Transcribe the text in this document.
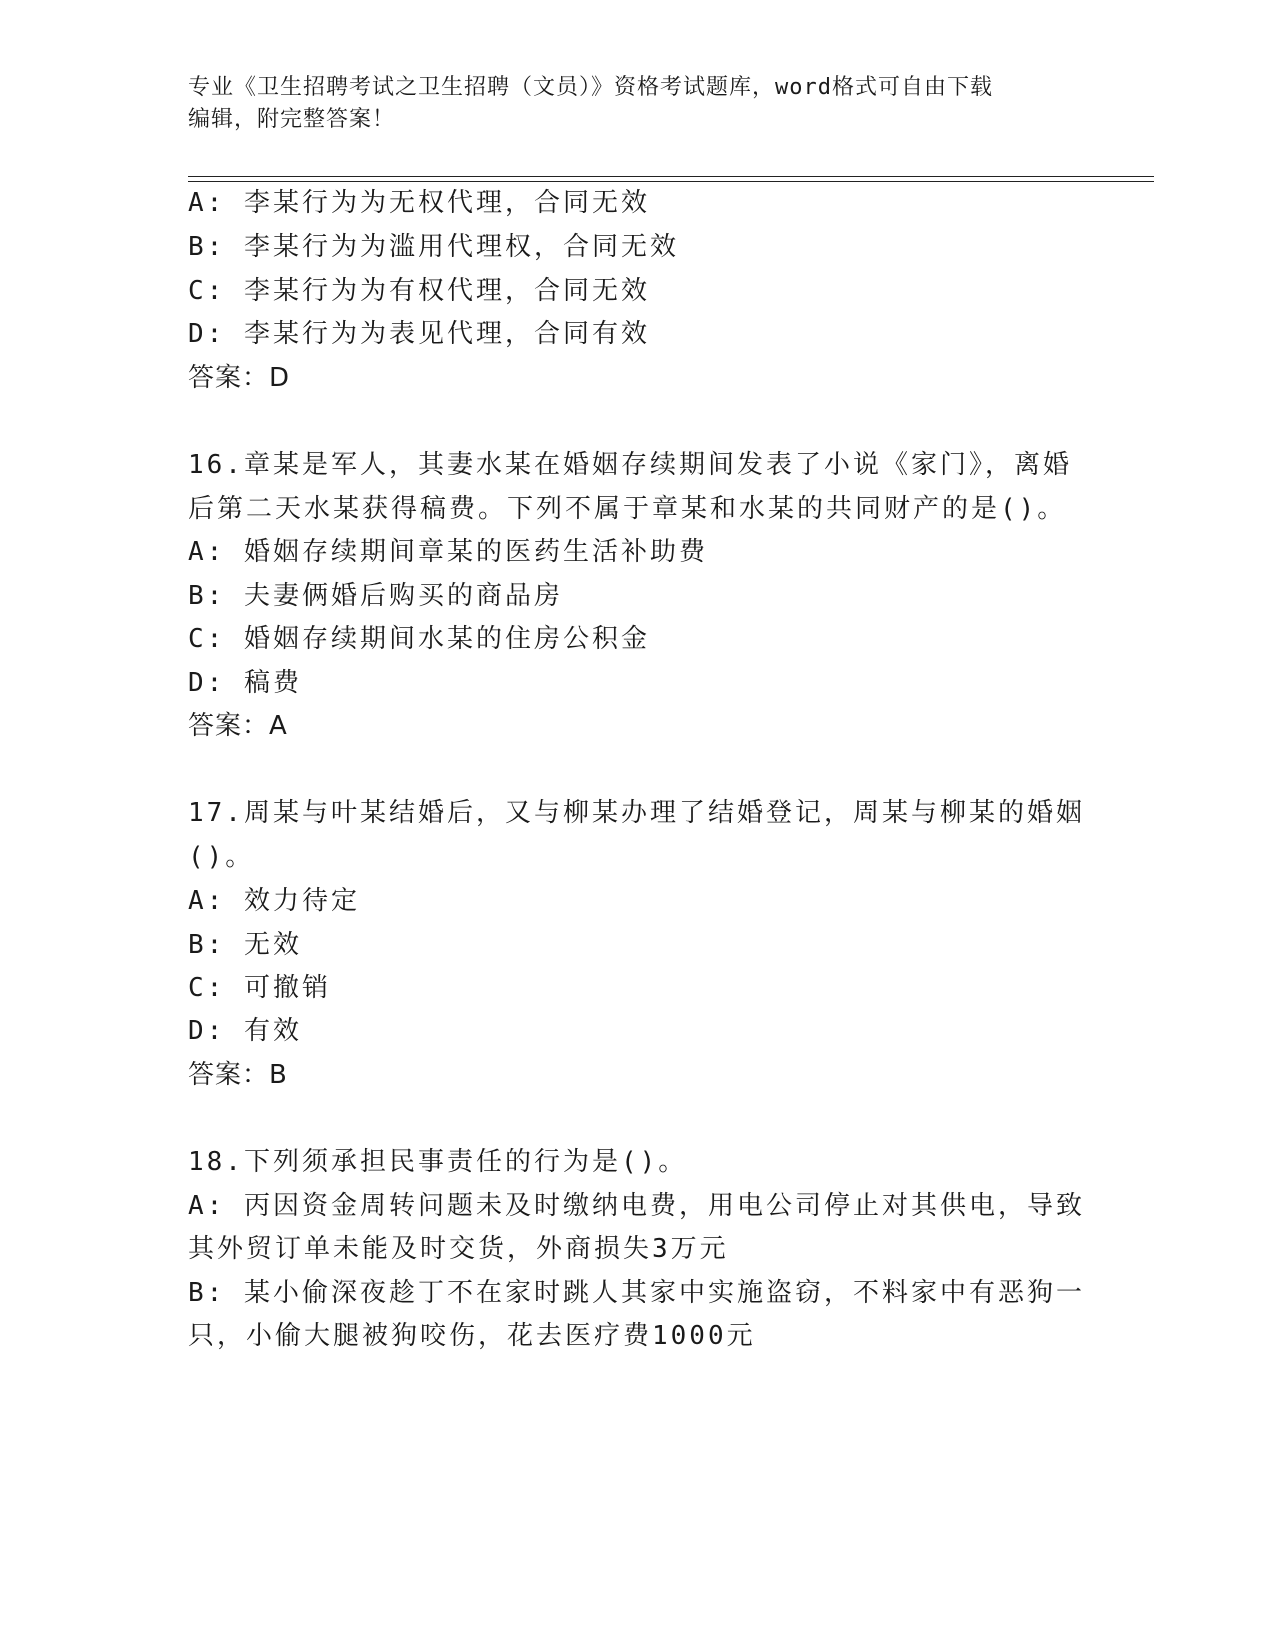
专业《卫生招聘考试之卫生招聘（文员）》资格考试题库，word格式可自由下载
编辑，附完整答案！
A: 李某行为为无权代理，合同无效
B: 李某行为为滥用代理权，合同无效
C: 李某行为为有权代理，合同无效
D: 李某行为为表见代理，合同有效
答案：D
16.章某是军人，其妻水某在婚姻存续期间发表了小说《家门》，离婚
后第二天水某获得稿费。下列不属于章某和水某的共同财产的是()。
A: 婚姻存续期间章某的医药生活补助费
B: 夫妻俩婚后购买的商品房
C: 婚姻存续期间水某的住房公积金
D: 稿费
答案：A
17.周某与叶某结婚后，又与柳某办理了结婚登记，周某与柳某的婚姻
()。
A: 效力待定
B: 无效
C: 可撤销
D: 有效
答案：B
18.下列须承担民事责任的行为是()。
A: 丙因资金周转问题未及时缴纳电费，用电公司停止对其供电，导致
其外贸订单未能及时交货，外商损失3万元
B: 某小偷深夜趁丁不在家时跳人其家中实施盗窃，不料家中有恶狗一
只，小偷大腿被狗咬伤，花去医疗费1000元
